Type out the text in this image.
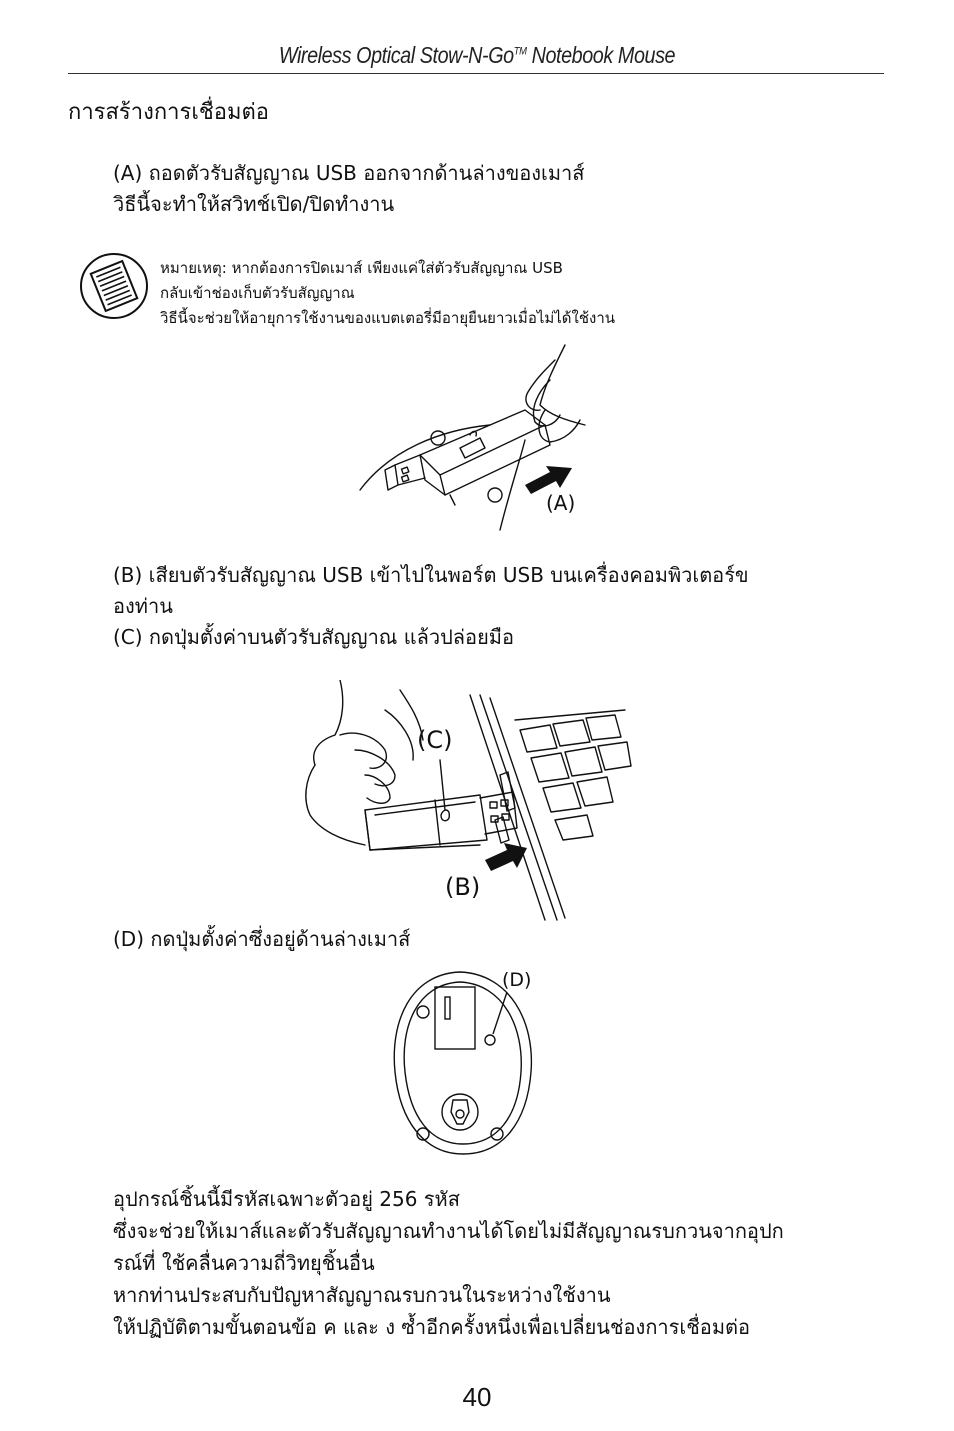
Wireless Optical Stow-N-Go™ Notebook Mouse
การสร้างการเชื่อมต่อ
(A) ถอดตัวรับสัญญาณ USB ออกจากด้านล่างของเมาส์
วิธีนี้จะทำให้สวิทช์เปิด/ปิดทำงาน
หมายเหตุ: หากต้องการปิดเมาส์ เพียงแค่ใส่ตัวรับสัญญาณ USB
กลับเข้าช่องเก็บตัวรับสัญญาณ
วิธีนี้จะช่วยให้อายุการใช้งานของแบตเตอรี่มีอายุยืนยาวเมื่อไม่ได้ใช้งาน
(A)
(B) เสียบตัวรับสัญญาณ USB เข้าไปในพอร์ต USB บนเครื่องคอมพิวเตอร์ข
องท่าน
(C) กดปุ่มตั้งค่าบนตัวรับสัญญาณ แล้วปล่อยมือ
(C)
(B)
(D) กดปุ่มตั้งค่าซึ่งอยู่ด้านล่างเมาส์
(D)
อุปกรณ์ชิ้นนี้มีรหัสเฉพาะตัวอยู่ 256 รหัส
ซึ่งจะช่วยให้เมาส์และตัวรับสัญญาณทำงานได้โดยไม่มีสัญญาณรบกวนจากอุปก
รณ์ที่ ใช้คลื่นความถี่วิทยุชิ้นอื่น
หากท่านประสบกับปัญหาสัญญาณรบกวนในระหว่างใช้งาน
ให้ปฏิบัติตามขั้นตอนข้อ ค และ ง ซ้ำอีกครั้งหนึ่งเพื่อเปลี่ยนช่องการเชื่อมต่อ
40
